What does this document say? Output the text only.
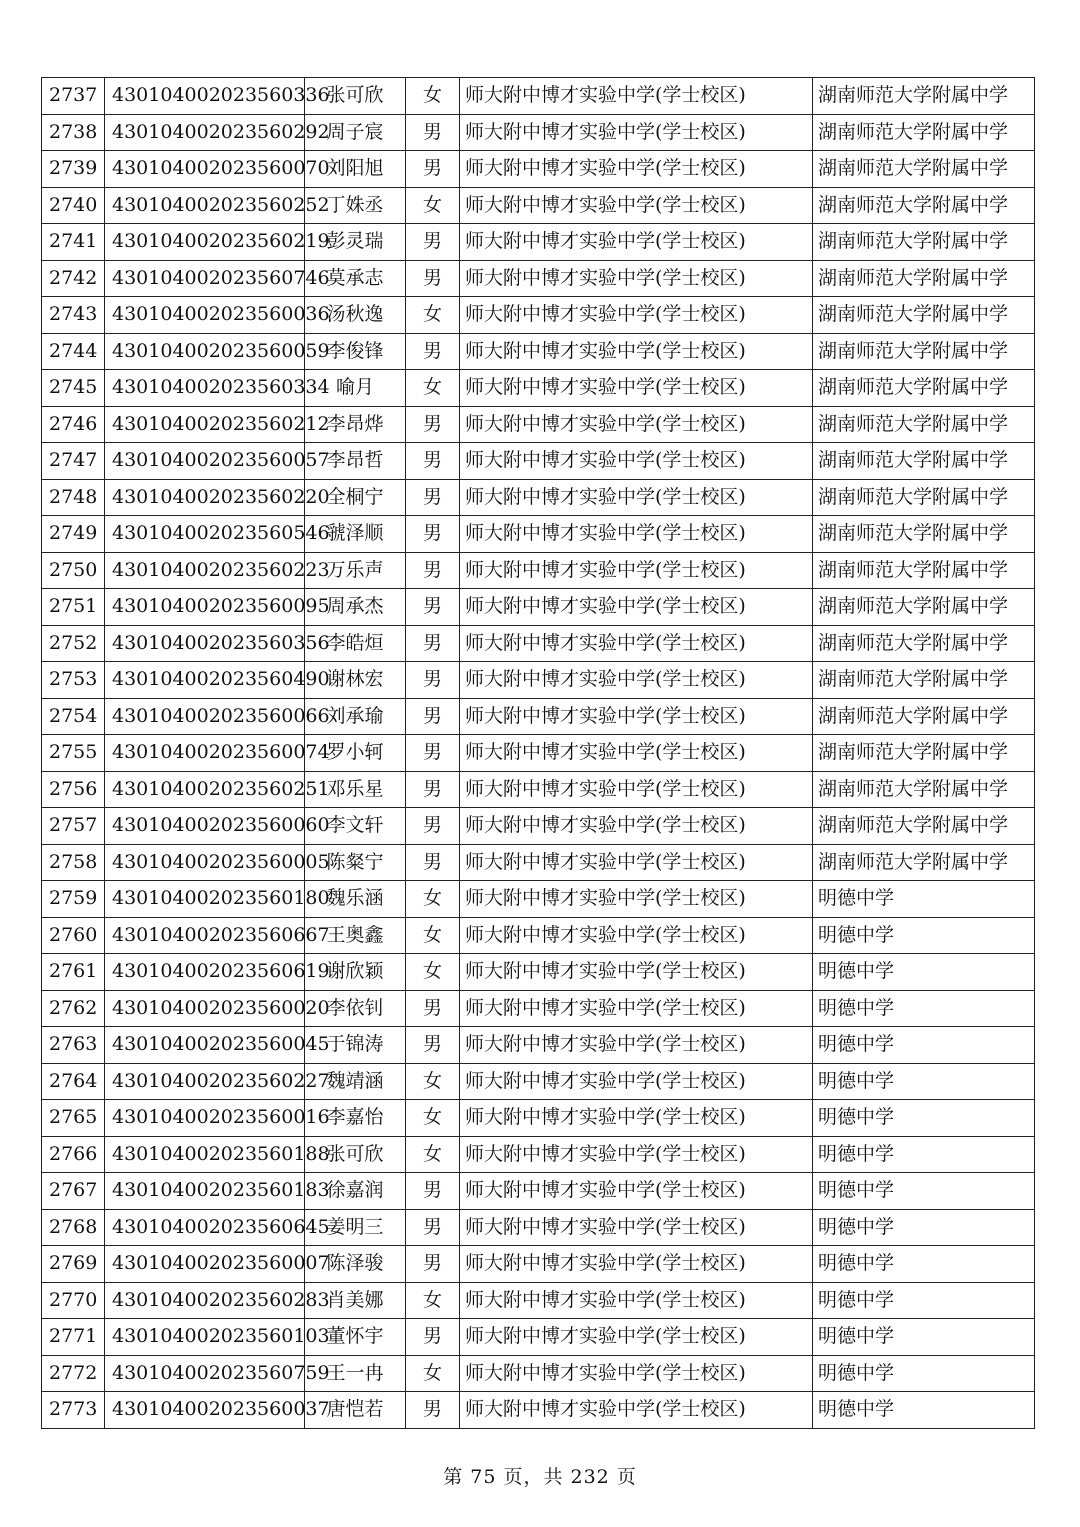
2737	430104002023560336	张可欣	女	师大附中博才实验中学(学士校区)	湖南师范大学附属中学
2738	430104002023560292	周子宸	男	师大附中博才实验中学(学士校区)	湖南师范大学附属中学
2739	430104002023560070	刘阳旭	男	师大附中博才实验中学(学士校区)	湖南师范大学附属中学
2740	430104002023560252	丁姝丞	女	师大附中博才实验中学(学士校区)	湖南师范大学附属中学
2741	430104002023560219	彭灵瑞	男	师大附中博才实验中学(学士校区)	湖南师范大学附属中学
2742	430104002023560746	莫承志	男	师大附中博才实验中学(学士校区)	湖南师范大学附属中学
2743	430104002023560036	汤秋逸	女	师大附中博才实验中学(学士校区)	湖南师范大学附属中学
2744	430104002023560059	李俊锋	男	师大附中博才实验中学(学士校区)	湖南师范大学附属中学
2745	430104002023560334	喻月	女	师大附中博才实验中学(学士校区)	湖南师范大学附属中学
2746	430104002023560212	李昂烨	男	师大附中博才实验中学(学士校区)	湖南师范大学附属中学
2747	430104002023560057	李昂哲	男	师大附中博才实验中学(学士校区)	湖南师范大学附属中学
2748	430104002023560220	全桐宁	男	师大附中博才实验中学(学士校区)	湖南师范大学附属中学
2749	430104002023560546	虢泽顺	男	师大附中博才实验中学(学士校区)	湖南师范大学附属中学
2750	430104002023560223	万乐声	男	师大附中博才实验中学(学士校区)	湖南师范大学附属中学
2751	430104002023560095	周承杰	男	师大附中博才实验中学(学士校区)	湖南师范大学附属中学
2752	430104002023560356	李皓烜	男	师大附中博才实验中学(学士校区)	湖南师范大学附属中学
2753	430104002023560490	谢林宏	男	师大附中博才实验中学(学士校区)	湖南师范大学附属中学
2754	430104002023560066	刘承瑜	男	师大附中博才实验中学(学士校区)	湖南师范大学附属中学
2755	430104002023560074	罗小轲	男	师大附中博才实验中学(学士校区)	湖南师范大学附属中学
2756	430104002023560251	邓乐星	男	师大附中博才实验中学(学士校区)	湖南师范大学附属中学
2757	430104002023560060	李文轩	男	师大附中博才实验中学(学士校区)	湖南师范大学附属中学
2758	430104002023560005	陈粲宁	男	师大附中博才实验中学(学士校区)	湖南师范大学附属中学
2759	430104002023560180	魏乐涵	女	师大附中博才实验中学(学士校区)	明德中学
2760	430104002023560667	王奥鑫	女	师大附中博才实验中学(学士校区)	明德中学
2761	430104002023560619	谢欣颖	女	师大附中博才实验中学(学士校区)	明德中学
2762	430104002023560020	李依钊	男	师大附中博才实验中学(学士校区)	明德中学
2763	430104002023560045	于锦涛	男	师大附中博才实验中学(学士校区)	明德中学
2764	430104002023560227	魏靖涵	女	师大附中博才实验中学(学士校区)	明德中学
2765	430104002023560016	李嘉怡	女	师大附中博才实验中学(学士校区)	明德中学
2766	430104002023560188	张可欣	女	师大附中博才实验中学(学士校区)	明德中学
2767	430104002023560183	徐嘉润	男	师大附中博才实验中学(学士校区)	明德中学
2768	430104002023560645	姜明三	男	师大附中博才实验中学(学士校区)	明德中学
2769	430104002023560007	陈泽骏	男	师大附中博才实验中学(学士校区)	明德中学
2770	430104002023560283	肖美娜	女	师大附中博才实验中学(学士校区)	明德中学
2771	430104002023560103	董怀宇	男	师大附中博才实验中学(学士校区)	明德中学
2772	430104002023560759	王一冉	女	师大附中博才实验中学(学士校区)	明德中学
2773	430104002023560037	唐恺若	男	师大附中博才实验中学(学士校区)	明德中学
第 75 页，共 232 页
